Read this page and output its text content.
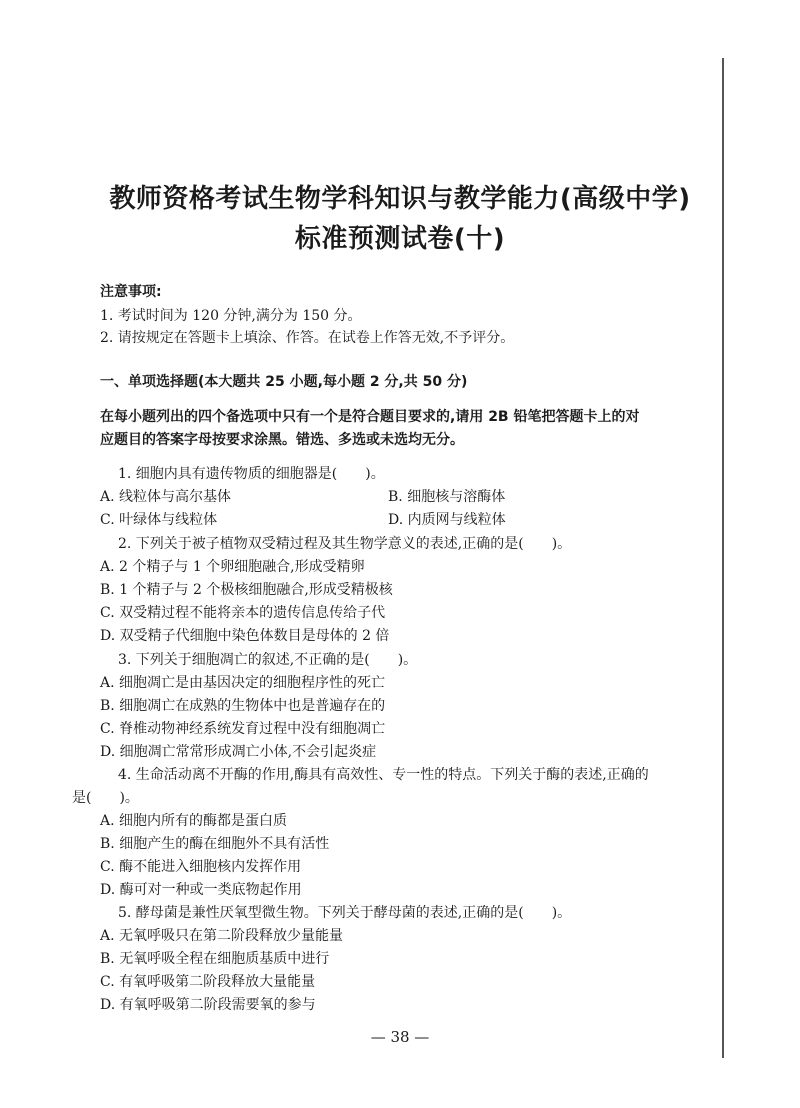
教师资格考试生物学科知识与教学能力(高级中学)
标准预测试卷(十)
注意事项:
1. 考试时间为 120 分钟,满分为 150 分。
2. 请按规定在答题卡上填涂、作答。在试卷上作答无效,不予评分。
一、单项选择题(本大题共 25 小题,每小题 2 分,共 50 分)
在每小题列出的四个备选项中只有一个是符合题目要求的,请用 2B 铅笔把答题卡上的对
应题目的答案字母按要求涂黑。错选、多选或未选均无分。
1. 细胞内具有遗传物质的细胞器是(　　)。
A. 线粒体与高尔基体	B. 细胞核与溶酶体
C. 叶绿体与线粒体	D. 内质网与线粒体
2. 下列关于被子植物双受精过程及其生物学意义的表述,正确的是(　　)。
A. 2 个精子与 1 个卵细胞融合,形成受精卵
B. 1 个精子与 2 个极核细胞融合,形成受精极核
C. 双受精过程不能将亲本的遗传信息传给子代
D. 双受精子代细胞中染色体数目是母体的 2 倍
3. 下列关于细胞凋亡的叙述,不正确的是(　　)。
A. 细胞凋亡是由基因决定的细胞程序性的死亡
B. 细胞凋亡在成熟的生物体中也是普遍存在的
C. 脊椎动物神经系统发育过程中没有细胞凋亡
D. 细胞凋亡常常形成凋亡小体,不会引起炎症
4. 生命活动离不开酶的作用,酶具有高效性、专一性的特点。下列关于酶的表述,正确的
是(　　)。
A. 细胞内所有的酶都是蛋白质
B. 细胞产生的酶在细胞外不具有活性
C. 酶不能进入细胞核内发挥作用
D. 酶可对一种或一类底物起作用
5. 酵母菌是兼性厌氧型微生物。下列关于酵母菌的表述,正确的是(　　)。
A. 无氧呼吸只在第二阶段释放少量能量
B. 无氧呼吸全程在细胞质基质中进行
C. 有氧呼吸第二阶段释放大量能量
D. 有氧呼吸第二阶段需要氧的参与
— 38 —
